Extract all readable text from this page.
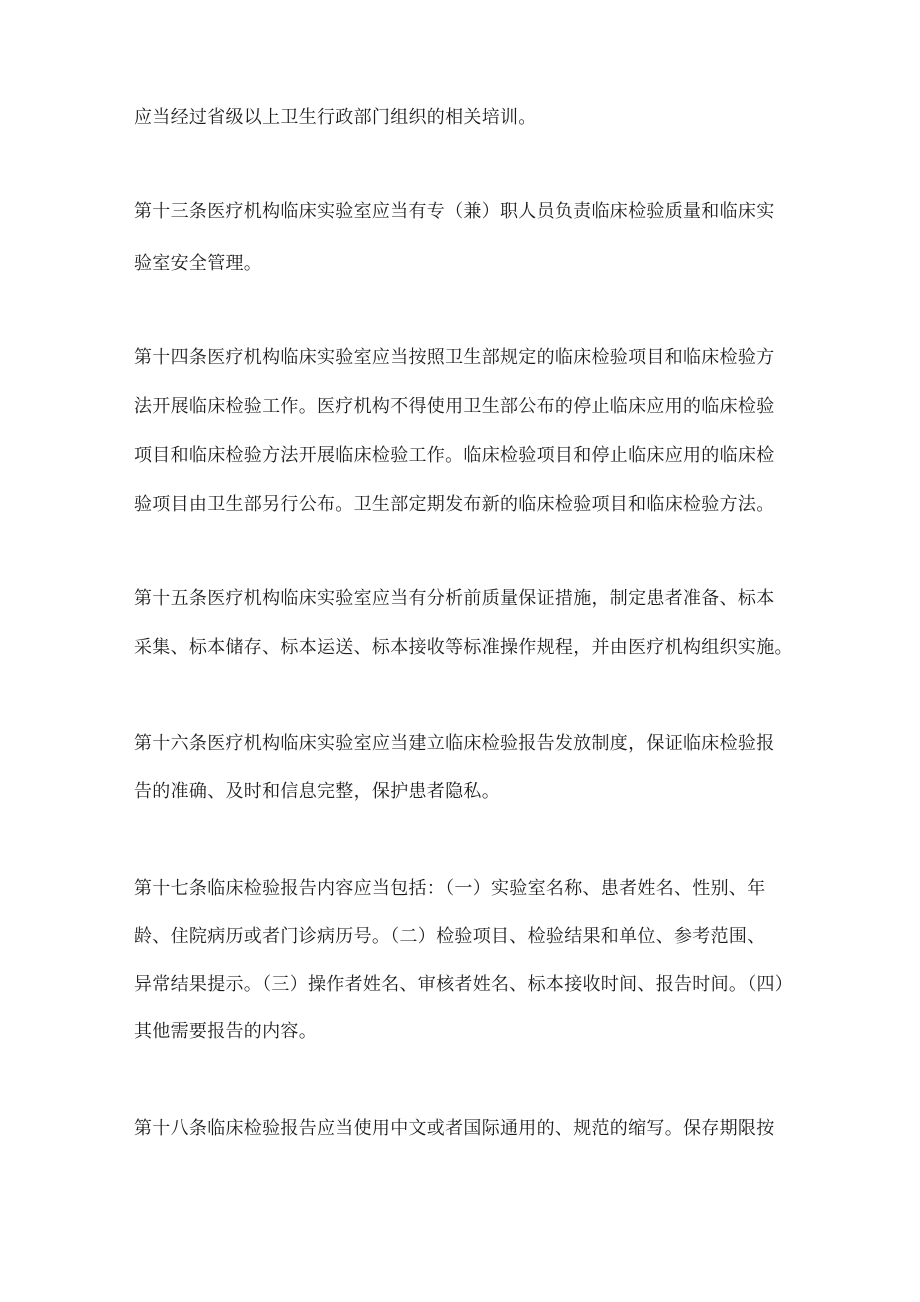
应当经过省级以上卫生行政部门组织的相关培训。
第十三条医疗机构临床实验室应当有专（兼）职人员负责临床检验质量和临床实
验室安全管理。
第十四条医疗机构临床实验室应当按照卫生部规定的临床检验项目和临床检验方
法开展临床检验工作。医疗机构不得使用卫生部公布的停止临床应用的临床检验
项目和临床检验方法开展临床检验工作。临床检验项目和停止临床应用的临床检
验项目由卫生部另行公布。卫生部定期发布新的临床检验项目和临床检验方法。
第十五条医疗机构临床实验室应当有分析前质量保证措施，制定患者准备、标本
采集、标本储存、标本运送、标本接收等标准操作规程，并由医疗机构组织实施。
第十六条医疗机构临床实验室应当建立临床检验报告发放制度，保证临床检验报
告的准确、及时和信息完整，保护患者隐私。
第十七条临床检验报告内容应当包括：（一）实验室名称、患者姓名、性别、年
龄、住院病历或者门诊病历号。（二）检验项目、检验结果和单位、参考范围、
异常结果提示。（三）操作者姓名、审核者姓名、标本接收时间、报告时间。（四）
其他需要报告的内容。
第十八条临床检验报告应当使用中文或者国际通用的、规范的缩写。保存期限按
